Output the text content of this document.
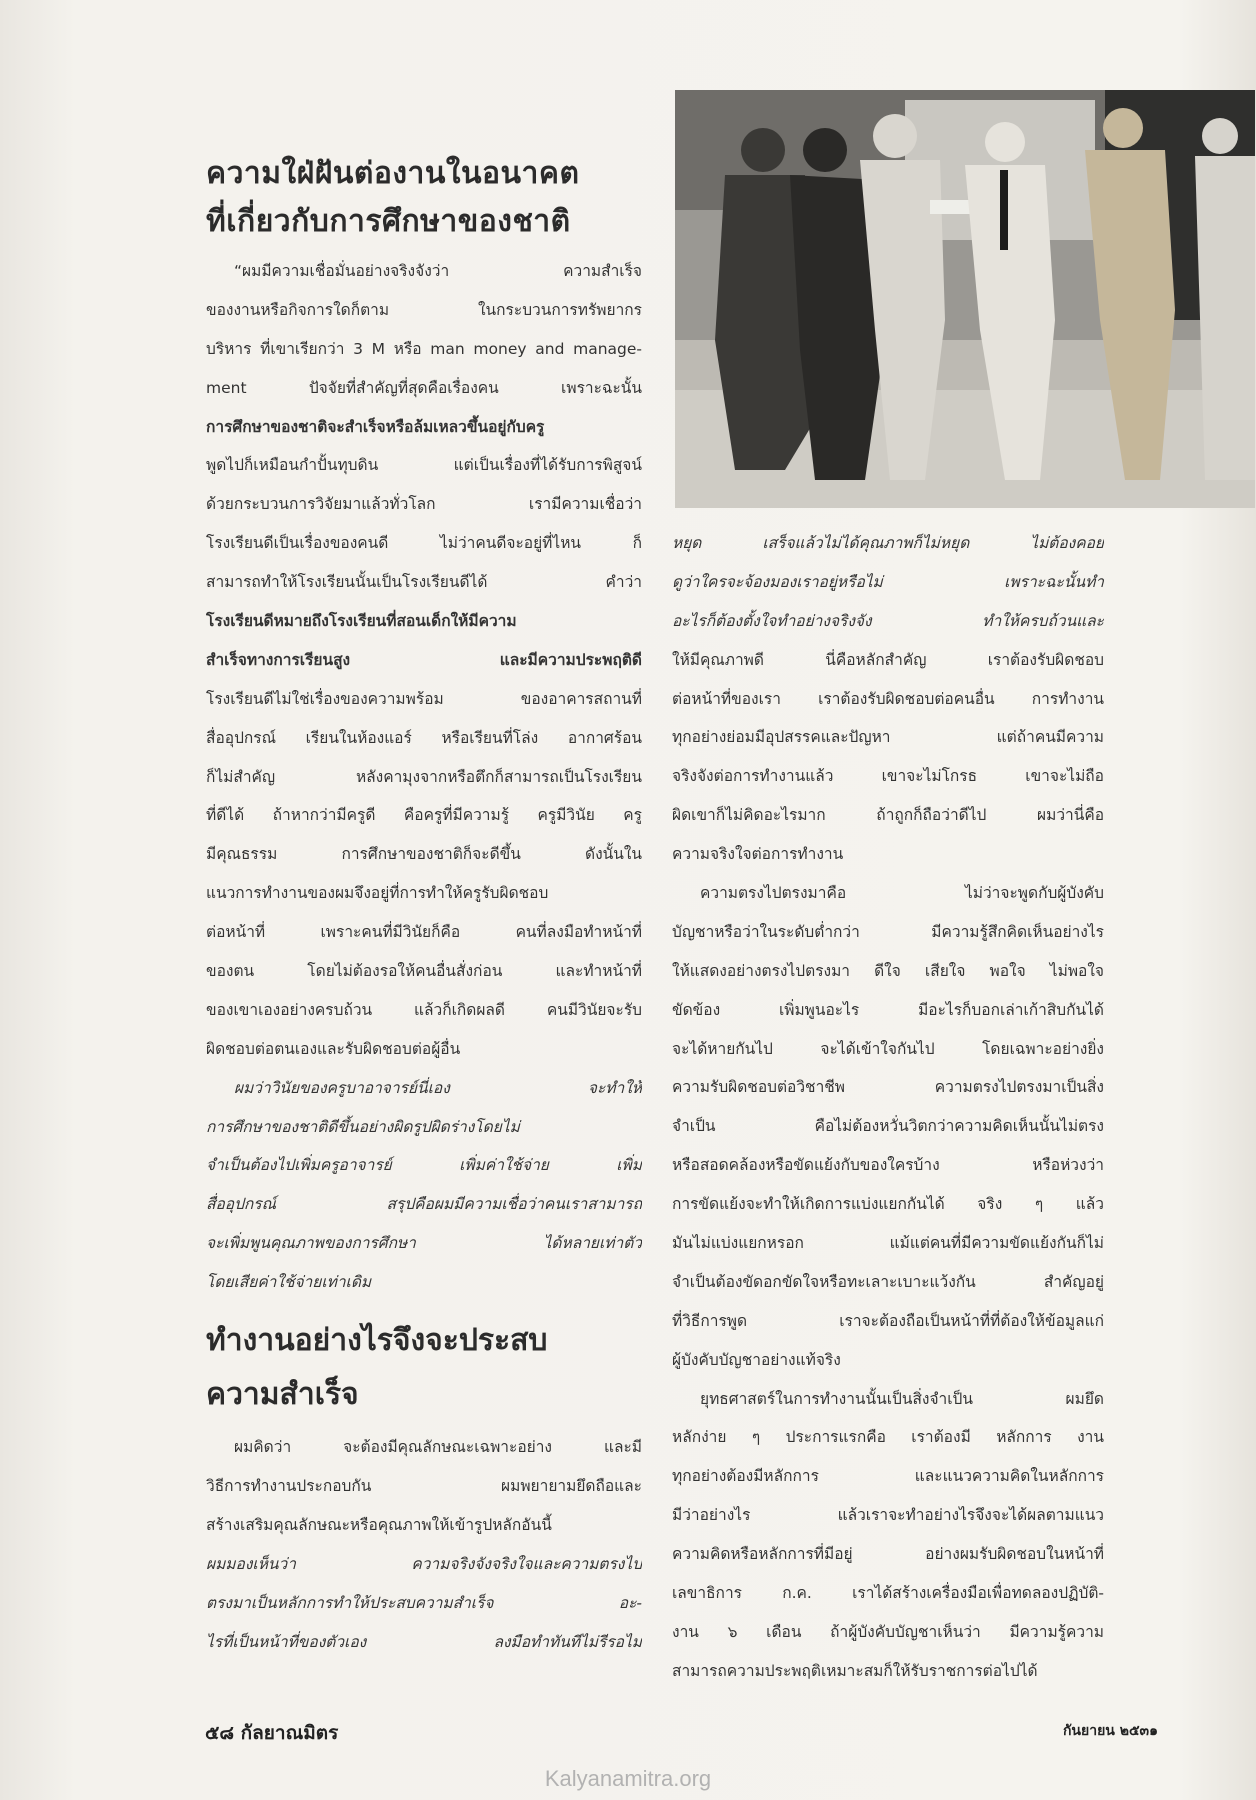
ความใฝ่ฝันต่องานในอนาคต
ที่เกี่ยวกับการศึกษาของชาติ
“ผมมีความเชื่อมั่นอย่างจริงจังว่า ความสำเร็จ
ของงานหรือกิจการใดก็ตาม ในกระบวนการทรัพยากร
บริหาร ที่เขาเรียกว่า 3 M หรือ man money and manage-
ment ปัจจัยที่สำคัญที่สุดคือเรื่องคน เพราะฉะนั้น
การศึกษาของชาติจะสำเร็จหรือล้มเหลวขึ้นอยู่กับครู
พูดไปก็เหมือนกำปั้นทุบดิน แต่เป็นเรื่องที่ได้รับการพิสูจน์
ด้วยกระบวนการวิจัยมาแล้วทั่วโลก เรามีความเชื่อว่า
โรงเรียนดีเป็นเรื่องของคนดี ไม่ว่าคนดีจะอยู่ที่ไหน ก็
สามารถทำให้โรงเรียนนั้นเป็นโรงเรียนดีได้ คำว่า
โรงเรียนดีหมายถึงโรงเรียนที่สอนเด็กให้มีความ
สำเร็จทางการเรียนสูง และมีความประพฤติดี
โรงเรียนดีไม่ใช่เรื่องของความพร้อม ของอาคารสถานที่
สื่ออุปกรณ์ เรียนในห้องแอร์ หรือเรียนที่โล่ง อากาศร้อน
ก็ไม่สำคัญ หลังคามุงจากหรือตึกก็สามารถเป็นโรงเรียน
ที่ดีได้ ถ้าหากว่ามีครูดี คือครูที่มีความรู้ ครูมีวินัย ครู
มีคุณธรรม การศึกษาของชาติก็จะดีขึ้น ดังนั้นใน
แนวการทำงานของผมจึงอยู่ที่การทำให้ครูรับผิดชอบ
ต่อหน้าที่ เพราะคนที่มีวินัยก็คือ คนที่ลงมือทำหน้าที่
ของตน โดยไม่ต้องรอให้คนอื่นสั่งก่อน และทำหน้าที่
ของเขาเองอย่างครบถ้วน แล้วก็เกิดผลดี คนมีวินัยจะรับ
ผิดชอบต่อตนเองและรับผิดชอบต่อผู้อื่น
ผมว่าวินัยของครูบาอาจารย์นี่เอง จะทำให้
การศึกษาของชาติดีขึ้นอย่างผิดรูปผิดร่างโดยไม่
จำเป็นต้องไปเพิ่มครูอาจารย์ เพิ่มค่าใช้จ่าย เพิ่ม
สื่ออุปกรณ์ สรุปคือผมมีความเชื่อว่าคนเราสามารถ
จะเพิ่มพูนคุณภาพของการศึกษา ได้หลายเท่าตัว
โดยเสียค่าใช้จ่ายเท่าเดิม
ทำงานอย่างไรจึงจะประสบ
ความสำเร็จ
ผมคิดว่า จะต้องมีคุณลักษณะเฉพาะอย่าง และมี
วิธีการทำงานประกอบกัน ผมพยายามยึดถือและ
สร้างเสริมคุณลักษณะหรือคุณภาพให้เข้ารูปหลักอันนี้
ผมมองเห็นว่า ความจริงจังจริงใจและความตรงไป
ตรงมาเป็นหลักการทำให้ประสบความสำเร็จ อะ-
ไรที่เป็นหน้าที่ของตัวเอง ลงมือทำทันทีไม่รีรอไม่
หยุด เสร็จแล้วไม่ได้คุณภาพก็ไม่หยุด ไม่ต้องคอย
ดูว่าใครจะจ้องมองเราอยู่หรือไม่ เพราะฉะนั้นทำ
อะไรก็ต้องตั้งใจทำอย่างจริงจัง ทำให้ครบถ้วนและ
ให้มีคุณภาพดี นี่คือหลักสำคัญ เราต้องรับผิดชอบ
ต่อหน้าที่ของเรา เราต้องรับผิดชอบต่อคนอื่น การทำงาน
ทุกอย่างย่อมมีอุปสรรคและปัญหา แต่ถ้าคนมีความ
จริงจังต่อการทำงานแล้ว เขาจะไม่โกรธ เขาจะไม่ถือ
ผิดเขาก็ไม่คิดอะไรมาก ถ้าถูกก็ถือว่าดีไป ผมว่านี่คือ
ความจริงใจต่อการทำงาน
ความตรงไปตรงมาคือ ไม่ว่าจะพูดกับผู้บังคับ
บัญชาหรือว่าในระดับต่ำกว่า มีความรู้สึกคิดเห็นอย่างไร
ให้แสดงอย่างตรงไปตรงมา ดีใจ เสียใจ พอใจ ไม่พอใจ
ขัดข้อง เพิ่มพูนอะไร มีอะไรก็บอกเล่าเก้าสิบกันได้
จะได้หายกันไป จะได้เข้าใจกันไป โดยเฉพาะอย่างยิ่ง
ความรับผิดชอบต่อวิชาชีพ ความตรงไปตรงมาเป็นสิ่ง
จำเป็น คือไม่ต้องหวั่นวิตกว่าความคิดเห็นนั้นไม่ตรง
หรือสอดคล้องหรือขัดแย้งกับของใครบ้าง หรือห่วงว่า
การขัดแย้งจะทำให้เกิดการแบ่งแยกกันได้ จริง ๆ แล้ว
มันไม่แบ่งแยกหรอก แม้แต่คนที่มีความขัดแย้งกันก็ไม่
จำเป็นต้องขัดอกขัดใจหรือทะเลาะเบาะแว้งกัน สำคัญอยู่
ที่วิธีการพูด เราจะต้องถือเป็นหน้าที่ที่ต้องให้ข้อมูลแก่
ผู้บังคับบัญชาอย่างแท้จริง
ยุทธศาสตร์ในการทำงานนั้นเป็นสิ่งจำเป็น ผมยึด
หลักง่าย ๆ ประการแรกคือ เราต้องมี หลักการ งาน
ทุกอย่างต้องมีหลักการ และแนวความคิดในหลักการ
มีว่าอย่างไร แล้วเราจะทำอย่างไรจึงจะได้ผลตามแนว
ความคิดหรือหลักการที่มีอยู่ อย่างผมรับผิดชอบในหน้าที่
เลขาธิการ ก.ค. เราได้สร้างเครื่องมือเพื่อทดลองปฏิบัติ-
งาน ๖ เดือน ถ้าผู้บังคับบัญชาเห็นว่า มีความรู้ความ
สามารถความประพฤติเหมาะสมก็ให้รับราชการต่อไปได้
๕๘ กัลยาณมิตร	กันยายน ๒๕๓๑
Kalyanamitra.org
